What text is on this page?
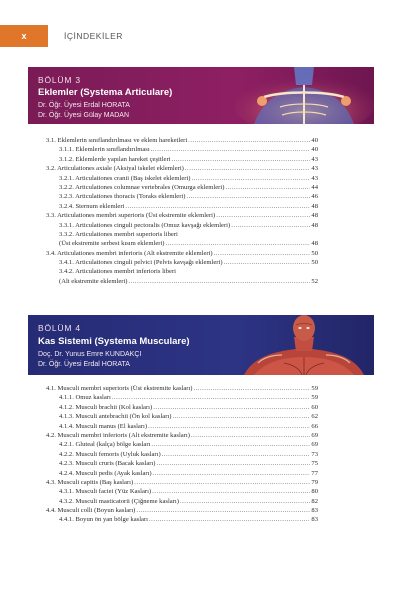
x	İÇİNDEKİLER
BÖLÜM 3
Eklemler (Systema Articulare)
Dr. Öğr. Üyesi Erdal HORATA
Dr. Öğr. Üyesi Gülay MADAN
3.1. Eklemlerin sınıflandırılması ve eklem hareketleri .....	40
3.1.1. Eklemlerin sınıflandırılması .....	40
3.1.2. Eklemlerde yapılan hareket çeşitleri .....	43
3.2. Articulationes axiale (Aksiyal iskelet eklemleri) .....	43
3.2.1. Articulationes cranii (Baş iskelet eklemleri) .....	43
3.2.2. Articulationes columnae vertebrales (Omurga eklemleri) .....	44
3.2.3. Articulationes thoracis (Toraks eklemleri) .....	46
3.2.4. Sternum eklemleri .....	48
3.3. Articulationes membri superioris (Üst ekstremite eklemleri) .....	48
3.3.1. Articulationes cinguli pectoralis (Omuz kavşağı eklemleri) .....	48
3.3.2. Articulationes membri superioris liberi
(Üst ekstremite serbest kısım eklemleri) .....	48
3.4. Articulationes membri inferioris (Alt ekstremite eklemleri) .....	50
3.4.1. Articulationes cinguli pelvici (Pelvis kavşağı eklemleri) .....	50
3.4.2. Articulationes membri inferioris liberi
(Alt ekstremite eklemleri) .....	52
BÖLÜM 4
Kas Sistemi (Systema Musculare)
Doç. Dr. Yunus Emre KUNDAKÇI
Dr. Öğr. Üyesi Erdal HORATA
4.1. Musculi membri superioris (Üst ekstremite kasları) .....	59
4.1.1. Omuz kasları .....	59
4.1.2. Musculi brachii (Kol kasları) .....	60
4.1.3. Musculi antebrachii (Ön kol kasları) .....	62
4.1.4. Musculi manus (El kasları) .....	66
4.2. Musculi membri inferioris (Alt ekstremite kasları) .....	69
4.2.1. Gluteal (kalça) bölge kasları .....	69
4.2.2. Musculi femoris (Uyluk kasları) .....	73
4.2.3. Musculi cruris (Bacak kasları) .....	75
4.2.4. Musculi pedis (Ayak kasları) .....	77
4.3. Musculi capitis (Baş kasları) .....	79
4.3.1. Musculi faciei (Yüz Kasları) .....	80
4.3.2. Musculi masticatorii (Çiğneme kasları) .....	82
4.4. Musculi colli (Boyun kasları) .....	83
4.4.1. Boyun ön yan bölge kasları .....	83
